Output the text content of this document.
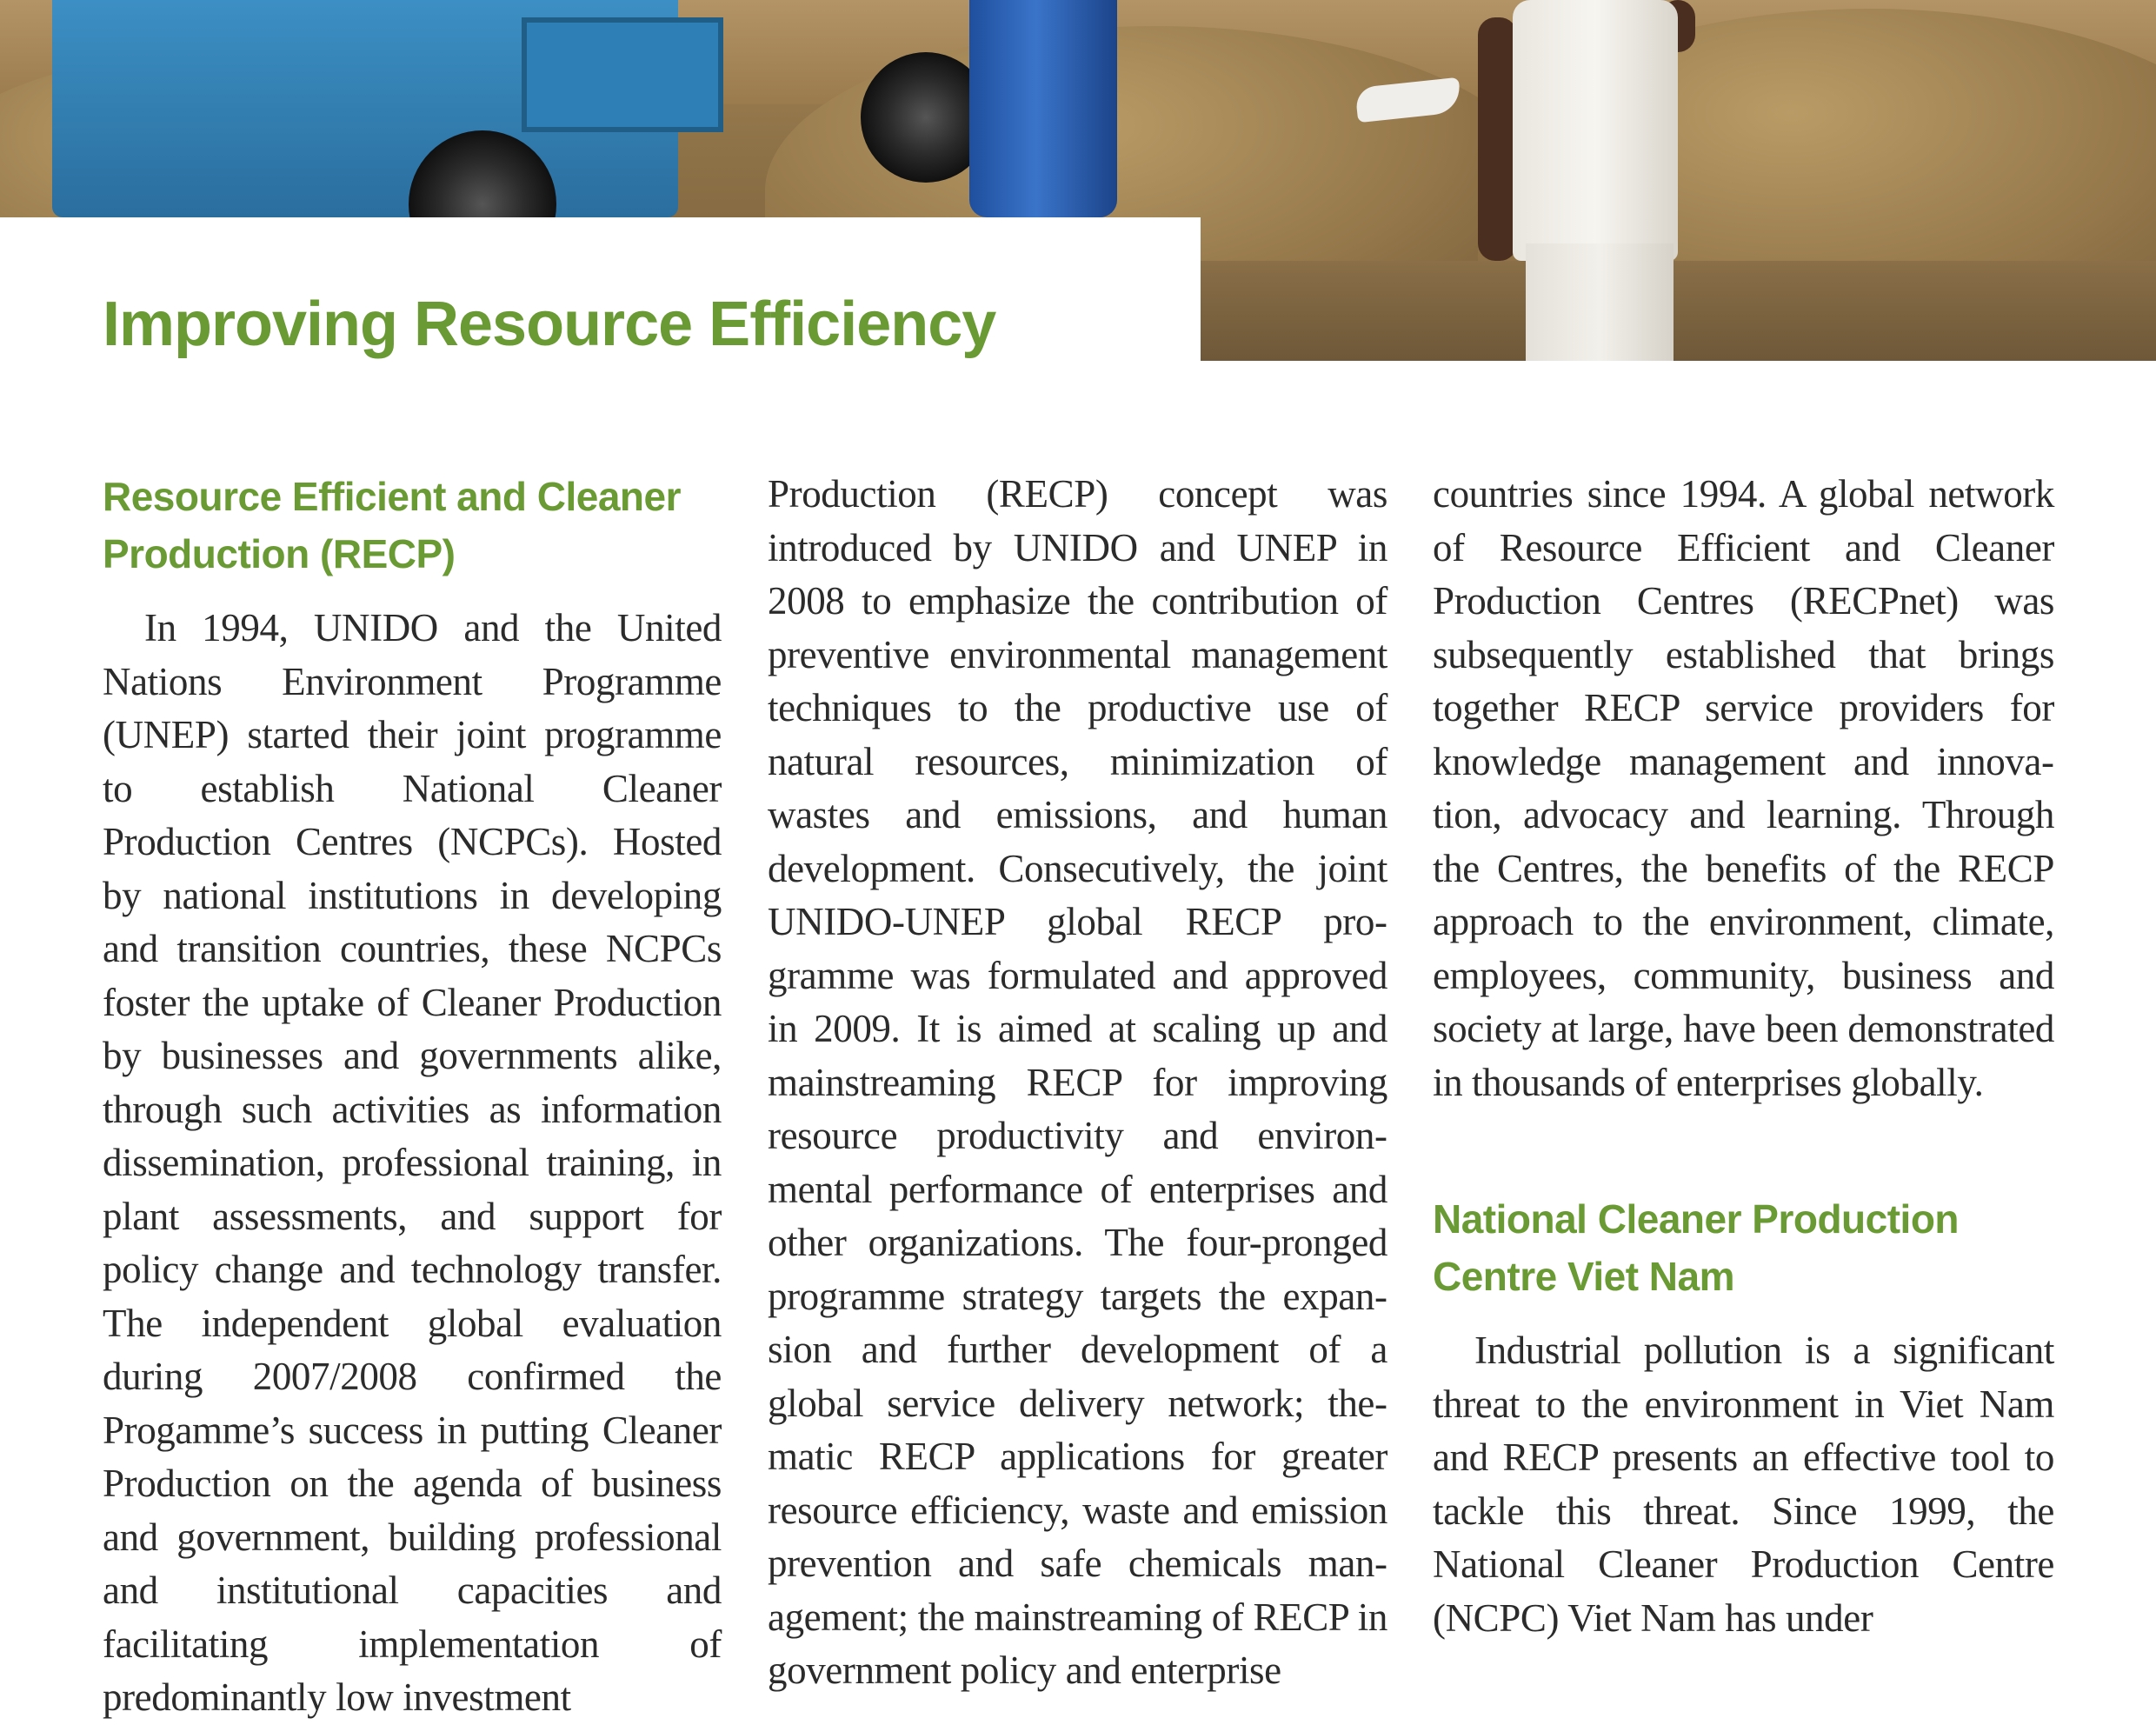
Improving Resource Efficiency
Resource Efficient and Cleaner Production (RECP)

In 1994, UNIDO and the United Nations Environment Programme (UNEP) started their joint programme to establish National Cleaner Production Centres (NCPCs). Hosted by national institutions in developing and transition countries, these NCPCs foster the uptake of Cleaner Production by businesses and governments alike, through such activities as information dissemination, professional training, in plant assessments, and support for policy change and technology transfer. The independent global evaluation during 2007/2008 confirmed the Progamme’s success in putting Cleaner Production on the agenda of business and government, building professional and institutional capacities and facilitating implementation of predominantly low investment

Production (RECP) concept was introduced by UNIDO and UNEP in 2008 to emphasize the contribution of preventive environmental management techniques to the productive use of natural resources, minimization of wastes and emissions, and human development. Consecutively, the joint UNIDO-UNEP global RECP programme was formulated and approved in 2009. It is aimed at scaling up and mainstreaming RECP for improving resource productivity and environmental performance of enterprises and other organizations. The four-pronged programme strategy targets the expansion and further development of a global service delivery network; thematic RECP applications for greater resource efficiency, waste and emission prevention and safe chemicals management; the mainstreaming of RECP in government policy and enterprise

countries since 1994. A global network of Resource Efficient and Cleaner Production Centres (RECPnet) was subsequently established that brings together RECP service providers for knowledge management and innovation, advocacy and learning. Through the Centres, the benefits of the RECP approach to the environment, climate, employees, community, business and society at large, have been demonstrated in thousands of enterprises globally.

National Cleaner Production Centre Viet Nam

Industrial pollution is a significant threat to the environment in Viet Nam and RECP presents an effective tool to tackle this threat. Since 1999, the National Cleaner Production Centre (NCPC) Viet Nam has under
